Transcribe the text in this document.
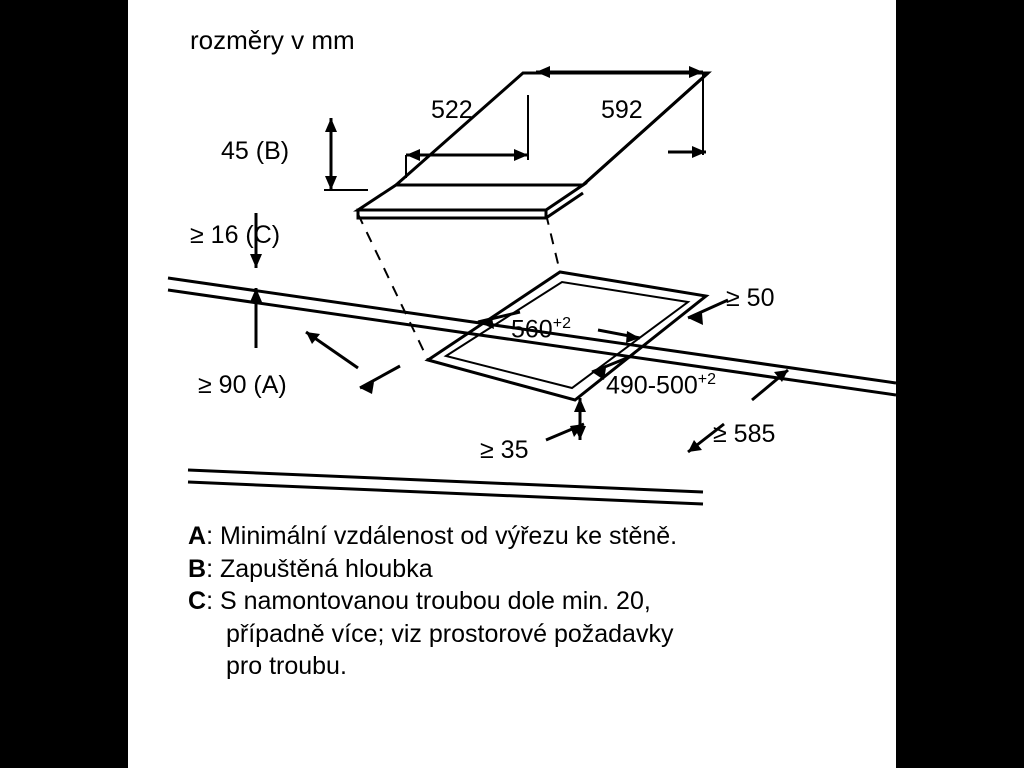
rozměry v mm
522	592
45 (B)
≥ 16 (C)
≥ 90 (A)
$560^{+2}$
$490-500^{+2}$
≥ 50
≥ 35
≥ 585
A: Minimální vzdálenost od výřezu ke stěně.
B: Zapuštěná hloubka
C: S namontovanou troubou dole min. 20,
případně více; viz prostorové požadavky
pro troubu.
